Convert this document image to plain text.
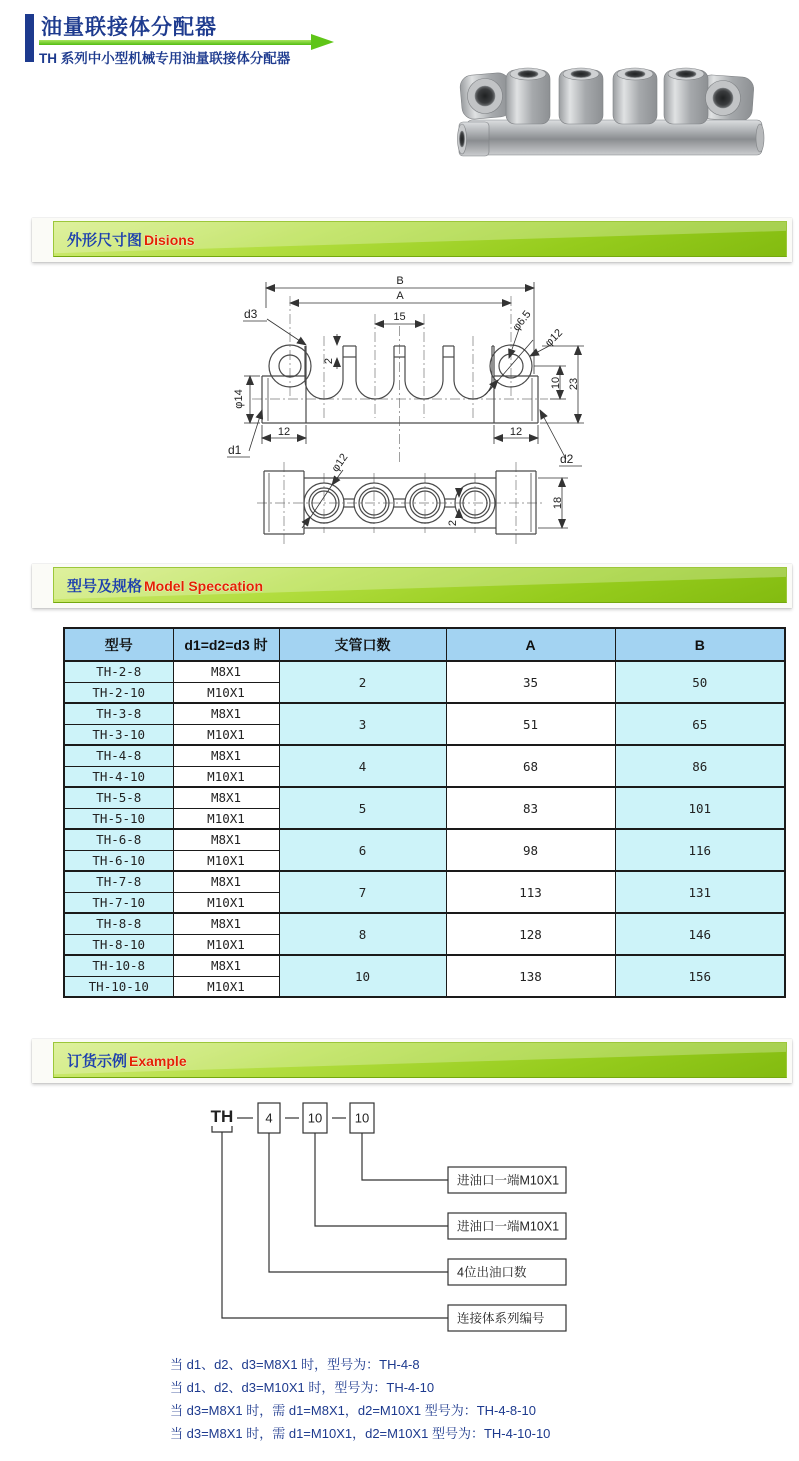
油量联接体分配器
TH 系列中小型机械专用油量联接体分配器
外形尺寸图 Disions
B
A
15
2
φ14
φ6.5
φ12
10 23
12	12
d1
d2
d3
φ12
2
18
型号及规格 Model Speccation
型号	d1=d2=d3 时	支管口数	A	B
TH-2-8	M8X1	2	35	50
TH-2-10	M10X1			
TH-3-8	M8X1	3	51	65
TH-3-10	M10X1			
TH-4-8	M8X1	4	68	86
TH-4-10	M10X1			
TH-5-8	M8X1	5	83	101
TH-5-10	M10X1			
TH-6-8	M8X1	6	98	116
TH-6-10	M10X1			
TH-7-8	M8X1	7	113	131
TH-7-10	M10X1			
TH-8-8	M8X1	8	128	146
TH-8-10	M10X1			
TH-10-8	M8X1	10	138	156
TH-10-10	M10X1			
订货示例 Example
TH 4	10	10
进油口一端M10X1
进油口一端M10X1
4位出油口数
连接体系列编号
当 d1、d2、d3=M8X1 时，型号为：TH-4-8
当 d1、d2、d3=M10X1 时，型号为：TH-4-10
当 d3=M8X1 时，需 d1=M8X1，d2=M10X1 型号为：TH-4-8-10
当 d3=M8X1 时，需 d1=M10X1，d2=M10X1 型号为：TH-4-10-10
